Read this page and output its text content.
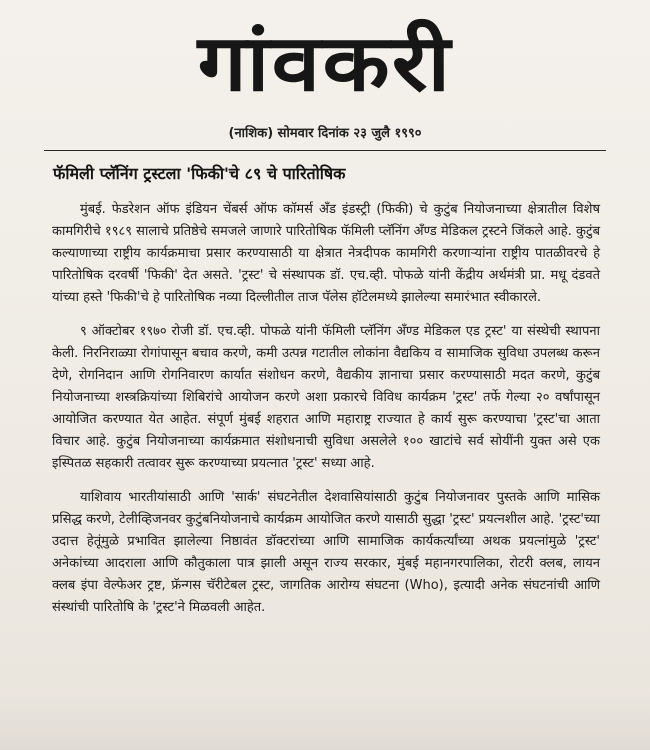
गांवकरी
(नाशिक) सोमवार दिनांक २३ जुलै १९९०
फॅमिली प्लॅनिंग ट्रस्टला 'फिकी'चे ८९ चे पारितोषिक

मुंबई. फेडरेशन ऑफ इंडियन चेंबर्स ऑफ कॉमर्स अँड इंडस्ट्री (फिकी) चे कुटुंब नियोजनाच्या क्षेत्रातील विशेष कामगिरीचे १९८९ सालाचे प्रतिष्ठेचे समजले जाणारे पारितोषिक फॅमिली प्लॅनिंग अँण्ड मेडिकल ट्रस्टने जिंकले आहे. कुटुंब कल्याणाच्या राष्ट्रीय कार्यक्रमाचा प्रसार करण्यासाठी या क्षेत्रात नेत्रदीपक कामगिरी करणाऱ्यांना राष्ट्रीय पातळीवरचे हे पारितोषिक दरवर्षी 'फिकी' देत असते. 'ट्रस्ट' चे संस्थापक डॉ. एच.व्ही. पोफळे यांनी केंद्रीय अर्थमंत्री प्रा. मधू दंडवते यांच्या हस्ते 'फिकी'चे हे पारितोषिक नव्या दिल्लीतील ताज पॅलेस हॉटेलमध्ये झालेल्या समारंभात स्वीकारले.

९ ऑक्टोबर १९७० रोजी डॉ. एच.व्ही. पोफळे यांनी फॅमिली प्लॅनिंग अँण्ड मेडिकल एड ट्रस्ट' या संस्थेची स्थापना केली. निरनिराळ्या रोगांपासून बचाव करणे, कमी उत्पन्न गटातील लोकांना वैद्यकिय व सामाजिक सुविधा उपलब्ध करून देणे, रोगनिदान आणि रोगनिवारण कार्यात संशोधन करणे, वैद्यकीय ज्ञानाचा प्रसार करण्यासाठी मदत करणे, कुटुंब नियोजनाच्या शस्त्रक्रियांच्या शिबिरांचे आयोजन करणे अशा प्रकारचे विविध कार्यक्रम 'ट्रस्ट' तर्फे गेल्या २० वर्षांपासून आयोजित करण्यात येत आहेत. संपूर्ण मुंबई शहरात आणि महाराष्ट्र राज्यात हे कार्य सुरू करण्याचा 'ट्रस्ट'चा आता विचार आहे. कुटुंब नियोजनाच्या कार्यक्रमात संशोधनाची सुविधा असलेले १०० खाटांचे सर्व सोयींनी युक्त असे एक इस्पितळ सहकारी तत्वावर सुरू करण्याच्या प्रयत्नात 'ट्रस्ट' सध्या आहे.

याशिवाय भारतीयांसाठी आणि 'सार्क' संघटनेतील देशवासियांसाठी कुटुंब नियोजनावर पुस्तके आणि मासिक प्रसिद्ध करणे, टेलीव्हिजनवर कुटुंबनियोजनाचे कार्यक्रम आयोजित करणे यासाठी सुद्धा 'ट्रस्ट' प्रयत्नशील आहे. 'ट्रस्ट'च्या उदात्त हेतूंमुळे प्रभावित झालेल्या निष्ठावंत डॉक्टरांच्या आणि सामाजिक कार्यकर्त्यांच्या अथक प्रयत्नांमुळे 'ट्रस्ट' अनेकांच्या आदराला आणि कौतुकाला पात्र झाली असून राज्य सरकार, मुंबई महानगरपालिका, रोटरी क्लब, लायन क्लब इंपा वेल्फेअर ट्रष्ट, फ्रॅन्गस चॅरीटेबल ट्रस्ट, जागतिक आरोग्य संघटना (Who), इत्यादी अनेक संघटनांची आणि संस्थांची पारितोषि के 'ट्रस्ट'ने मिळवली आहेत.
